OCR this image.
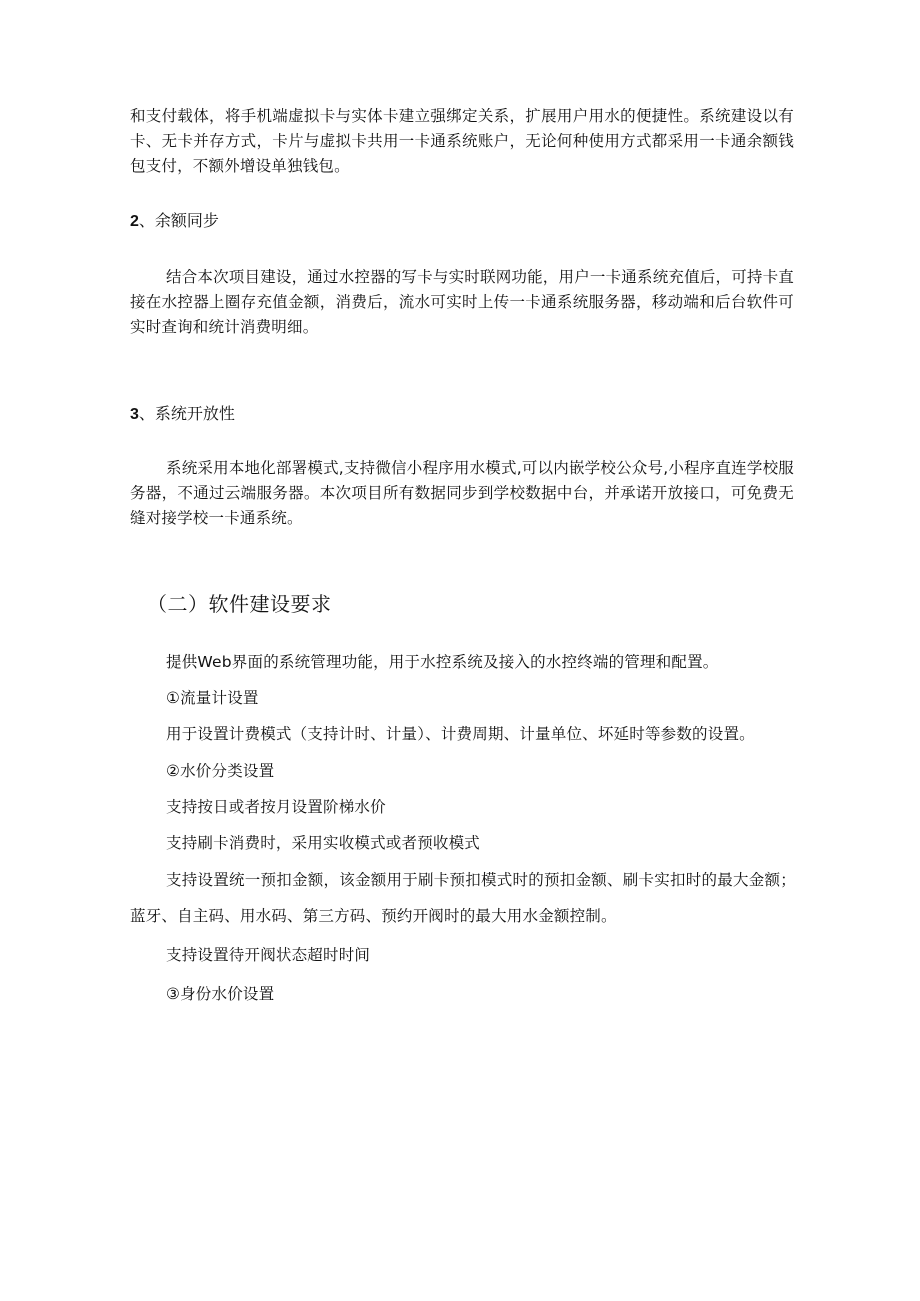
和支付载体，将手机端虚拟卡与实体卡建立强绑定关系，扩展用户用水的便捷性。系统建设以有卡、无卡并存方式，卡片与虚拟卡共用一卡通系统账户，无论何种使用方式都采用一卡通余额钱包支付，不额外增设单独钱包。

2、余额同步

结合本次项目建设，通过水控器的写卡与实时联网功能，用户一卡通系统充值后，可持卡直接在水控器上圈存充值金额，消费后，流水可实时上传一卡通系统服务器，移动端和后台软件可实时查询和统计消费明细。

3、系统开放性

系统采用本地化部署模式,支持微信小程序用水模式,可以内嵌学校公众号,小程序直连学校服务器，不通过云端服务器。本次项目所有数据同步到学校数据中台，并承诺开放接口，可免费无缝对接学校一卡通系统。

（二）软件建设要求

提供Web界面的系统管理功能，用于水控系统及接入的水控终端的管理和配置。

①流量计设置

用于设置计费模式（支持计时、计量）、计费周期、计量单位、坏延时等参数的设置。

②水价分类设置

支持按日或者按月设置阶梯水价

支持刷卡消费时，采用实收模式或者预收模式

支持设置统一预扣金额，该金额用于刷卡预扣模式时的预扣金额、刷卡实扣时的最大金额；蓝牙、自主码、用水码、第三方码、预约开阀时的最大用水金额控制。

支持设置待开阀状态超时时间

③身份水价设置
